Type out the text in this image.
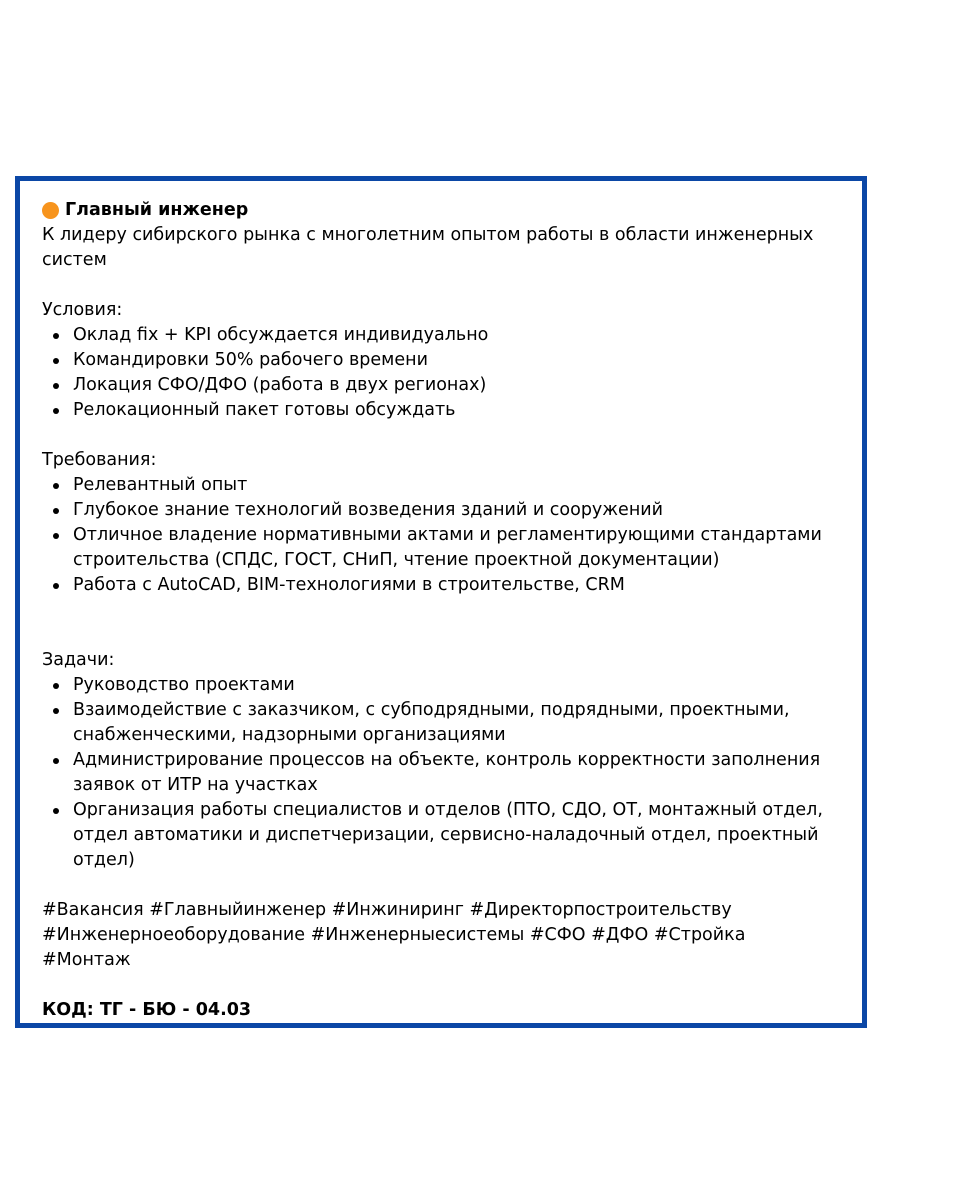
Главный инженер
К лидеру сибирского рынка с многолетним опытом работы в области инженерных систем
Условия:
Оклад fix + KPI обсуждается индивидуально
Командировки 50% рабочего времени
Локация СФО/ДФО (работа в двух регионах)
Релокационный пакет готовы обсуждать
Требования:
Релевантный опыт
Глубокое знание технологий возведения зданий и сооружений
Отличное владение нормативными актами и регламентирующими стандартами строительства (СПДС, ГОСТ, СНиП, чтение проектной документации)
Работа с AutoCAD, BIM-технологиями в строительстве, CRM
Задачи:
Руководство проектами
Взаимодействие с заказчиком, с субподрядными, подрядными, проектными, снабженческими, надзорными организациями
Администрирование процессов на объекте, контроль корректности заполнения заявок от ИТР на участках
Организация работы специалистов и отделов (ПТО, СДО, ОТ, монтажный отдел, отдел автоматики и диспетчеризации, сервисно-наладочный отдел, проектный отдел)
#Вакансия #Главныйинженер #Инжиниринг #Директорпостроительству
#Инженерноеоборудование #Инженерныесистемы #СФО #ДФО #Стройка #Монтаж
КОД: ТГ - БЮ - 04.03
